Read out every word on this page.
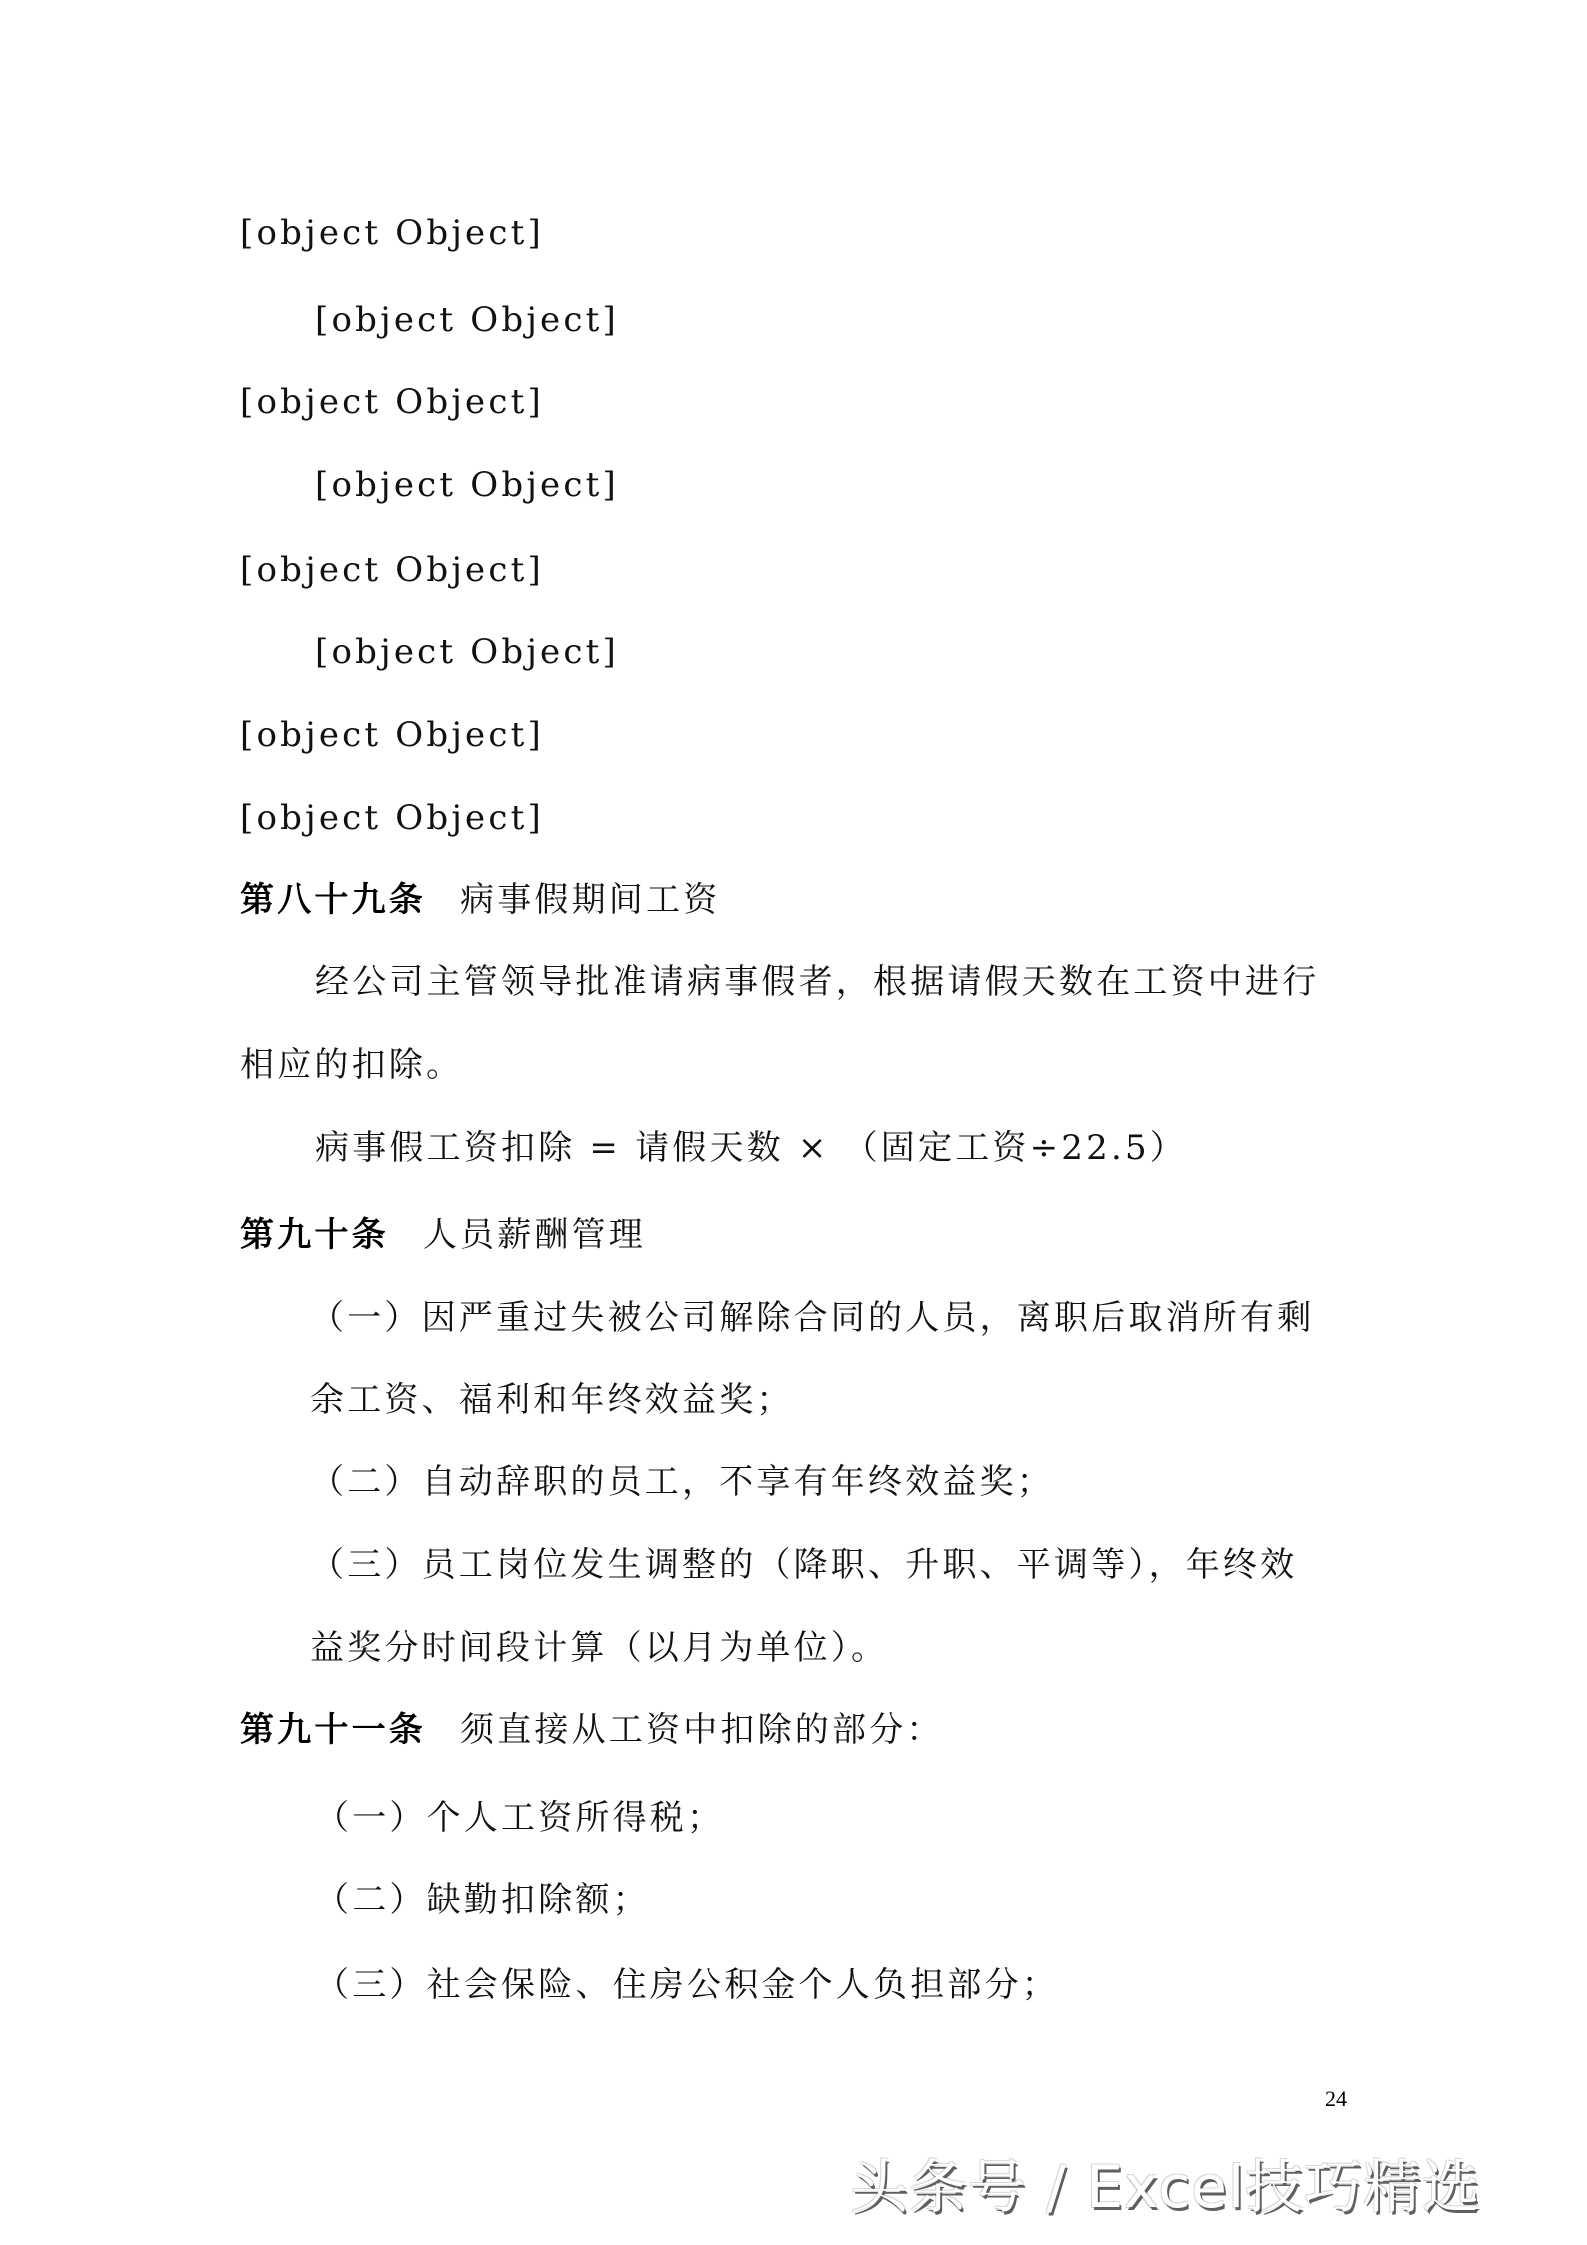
[object Object]
[object Object]
[object Object]
[object Object]
[object Object]
[object Object]
[object Object]
[object Object]
第八十九条 病事假期间工资
经公司主管领导批准请病事假者，根据请假天数在工资中进行
相应的扣除。
病事假工资扣除 = 请假天数 × （固定工资÷22.5）
第九十条 人员薪酬管理
（一）因严重过失被公司解除合同的人员，离职后取消所有剩
余工资、福利和年终效益奖；
（二）自动辞职的员工，不享有年终效益奖；
（三）员工岗位发生调整的（降职、升职、平调等），年终效
益奖分时间段计算（以月为单位）。
第九十一条 须直接从工资中扣除的部分：
（一）个人工资所得税；
（二）缺勤扣除额；
（三）社会保险、住房公积金个人负担部分；
24
头条号 / Excel技巧精选
